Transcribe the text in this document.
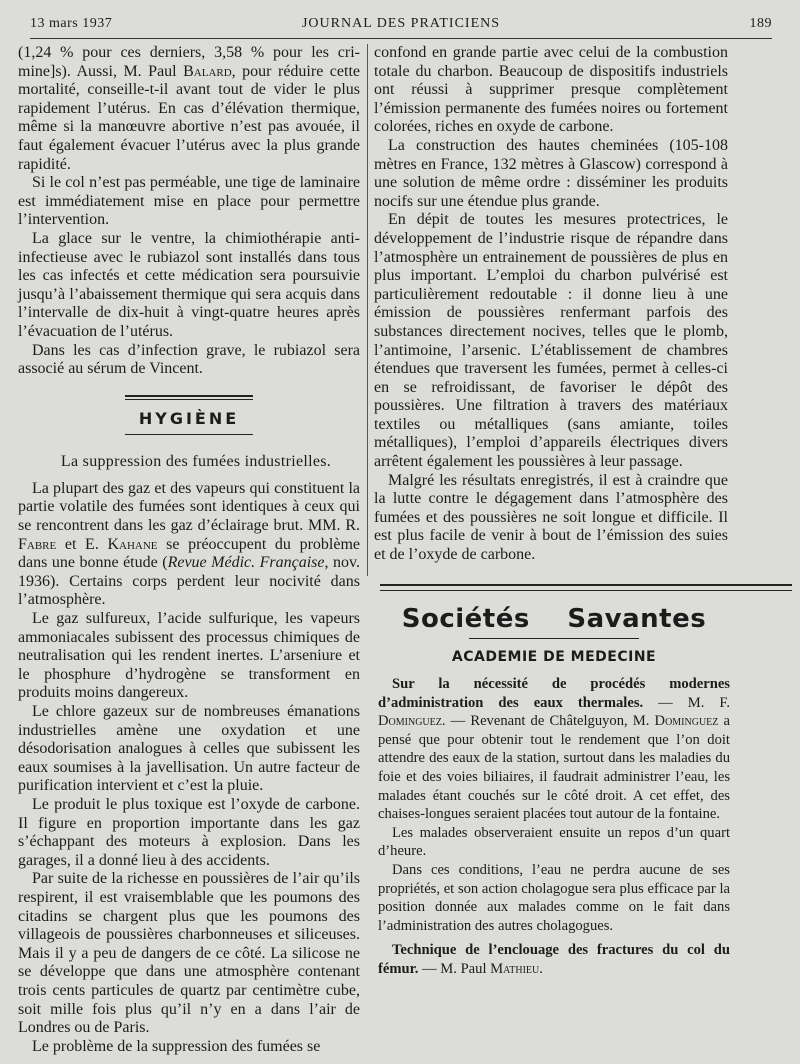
13 mars 1937	JOURNAL DES PRATICIENS	189

(1,24 % pour ces derniers, 3,58 % pour les cri-mine]s). Aussi, M. Paul Balard, pour réduire cette mortalité, conseille-t-il avant tout de vider le plus rapidement l’utérus. En cas d’élévation thermique, même si la manœuvre abortive n’est pas avouée, il faut également évacuer l’utérus avec la plus grande rapidité.

Si le col n’est pas perméable, une tige de laminaire est immédiatement mise en place pour permettre l’intervention.

La glace sur le ventre, la chimiothérapie anti-infectieuse avec le rubiazol sont installés dans tous les cas infectés et cette médication sera poursuivie jusqu’à l’abaissement thermique qui sera acquis dans l’intervalle de dix-huit à vingt-quatre heures après l’évacuation de l’utérus.

Dans les cas d’infection grave, le rubiazol sera associé au sérum de Vincent.

HYGIÈNE

La suppression des fumées industrielles.

La plupart des gaz et des vapeurs qui constituent la partie volatile des fumées sont identiques à ceux qui se rencontrent dans les gaz d’éclairage brut. MM. R. Fabre et E. Kahane se préoccupent du problème dans une bonne étude (Revue Médic. Française, nov. 1936). Certains corps perdent leur nocivité dans l’atmosphère.

Le gaz sulfureux, l’acide sulfurique, les vapeurs ammoniacales subissent des processus chimiques de neutralisation qui les rendent inertes. L’arseniure et le phosphure d’hydrogène se transforment en produits moins dangereux.

Le chlore gazeux sur de nombreuses émanations industrielles amène une oxydation et une désodorisation analogues à celles que subissent les eaux soumises à la javellisation. Un autre facteur de purification intervient et c’est la pluie.

Le produit le plus toxique est l’oxyde de carbone. Il figure en proportion importante dans les gaz s’échappant des moteurs à explosion. Dans les garages, il a donné lieu à des accidents.

Par suite de la richesse en poussières de l’air qu’ils respirent, il est vraisemblable que les poumons des citadins se chargent plus que les poumons des villageois de poussières charbonneuses et siliceuses. Mais il y a peu de dangers de ce côté. La silicose ne se développe que dans une atmosphère contenant trois cents particules de quartz par centimètre cube, soit mille fois plus qu’il n’y en a dans l’air de Londres ou de Paris.

Le problème de la suppression des fumées se

confond en grande partie avec celui de la combustion totale du charbon. Beaucoup de dispositifs industriels ont réussi à supprimer presque complètement l’émission permanente des fumées noires ou fortement colorées, riches en oxyde de carbone.

La construction des hautes cheminées (105-108 mètres en France, 132 mètres à Glascow) correspond à une solution de même ordre : disséminer les produits nocifs sur une étendue plus grande.

En dépit de toutes les mesures protectrices, le développement de l’industrie risque de répandre dans l’atmosphère un entrainement de poussières de plus en plus important. L’emploi du charbon pulvérisé est particulièrement redoutable : il donne lieu à une émission de poussières renfermant parfois des substances directement nocives, telles que le plomb, l’antimoine, l’arsenic. L’établissement de chambres étendues que traversent les fumées, permet à celles-ci en se refroidissant, de favoriser le dépôt des poussières. Une filtration à travers des matériaux textiles ou métalliques (sans amiante, toiles métalliques), l’emploi d’appareils électriques divers arrêtent également les poussières à leur passage.

Malgré les résultats enregistrés, il est à craindre que la lutte contre le dégagement dans l’atmosphère des fumées et des poussières ne soit longue et difficile. Il est plus facile de venir à bout de l’émission des suies et de l’oxyde de carbone.

Sociétés Savantes
ACADEMIE DE MEDECINE

Sur la nécessité de procédés modernes d’administration des eaux thermales. — M. F. Dominguez. — Revenant de Châtelguyon, M. Dominguez a pensé que pour obtenir tout le rendement que l’on doit attendre des eaux de la station, surtout dans les maladies du foie et des voies biliaires, il faudrait administrer l’eau, les malades étant couchés sur le côté droit. A cet effet, des chaises-longues seraient placées tout autour de la fontaine.

Les malades observeraient ensuite un repos d’un quart d’heure.

Dans ces conditions, l’eau ne perdra aucune de ses propriétés, et son action cholagogue sera plus efficace par la position donnée aux malades comme on le fait dans l’administration des autres cholagogues.

Technique de l’enclouage des fractures du col du fémur. — M. Paul Mathieu.
